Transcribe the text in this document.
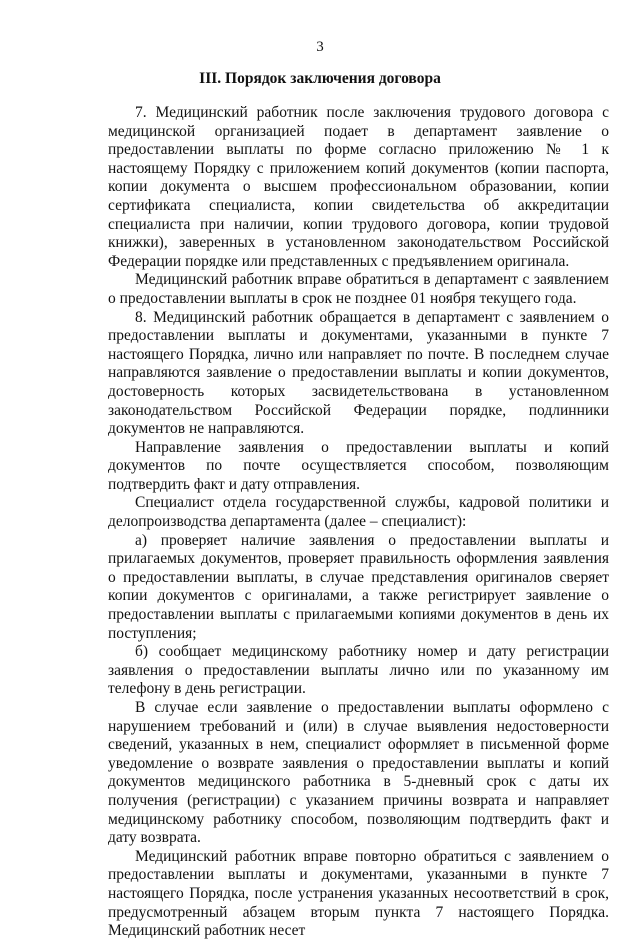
3
III. Порядок заключения договора

7. Медицинский работник после заключения трудового договора с медицинской организацией подает в департамент заявление о предоставлении выплаты по форме согласно приложению № 1 к настоящему Порядку с приложением копий документов (копии паспорта, копии документа о высшем профессиональном образовании, копии сертификата специалиста, копии свидетельства об аккредитации специалиста при наличии, копии трудового договора, копии трудовой книжки), заверенных в установленном законодательством Российской Федерации порядке или представленных с предъявлением оригинала.

Медицинский работник вправе обратиться в департамент с заявлением о предоставлении выплаты в срок не позднее 01 ноября текущего года.

8. Медицинский работник обращается в департамент с заявлением о предоставлении выплаты и документами, указанными в пункте 7 настоящего Порядка, лично или направляет по почте. В последнем случае направляются заявление о предоставлении выплаты и копии документов, достоверность которых засвидетельствована в установленном законодательством Российской Федерации порядке, подлинники документов не направляются.

Направление заявления о предоставлении выплаты и копий документов по почте осуществляется способом, позволяющим подтвердить факт и дату отправления.

Специалист отдела государственной службы, кадровой политики и делопроизводства департамента (далее – специалист):

а) проверяет наличие заявления о предоставлении выплаты и прилагаемых документов, проверяет правильность оформления заявления о предоставлении выплаты, в случае представления оригиналов сверяет копии документов с оригиналами, а также регистрирует заявление о предоставлении выплаты с прилагаемыми копиями документов в день их поступления;

б) сообщает медицинскому работнику номер и дату регистрации заявления о предоставлении выплаты лично или по указанному им телефону в день регистрации.

В случае если заявление о предоставлении выплаты оформлено с нарушением требований и (или) в случае выявления недостоверности сведений, указанных в нем, специалист оформляет в письменной форме уведомление о возврате заявления о предоставлении выплаты и копий документов медицинского работника в 5-дневный срок с даты их получения (регистрации) с указанием причины возврата и направляет медицинскому работнику способом, позволяющим подтвердить факт и дату возврата.

Медицинский работник вправе повторно обратиться с заявлением о предоставлении выплаты и документами, указанными в пункте 7 настоящего Порядка, после устранения указанных несоответствий в срок, предусмотренный абзацем вторым пункта 7 настоящего Порядка. Медицинский работник несет
